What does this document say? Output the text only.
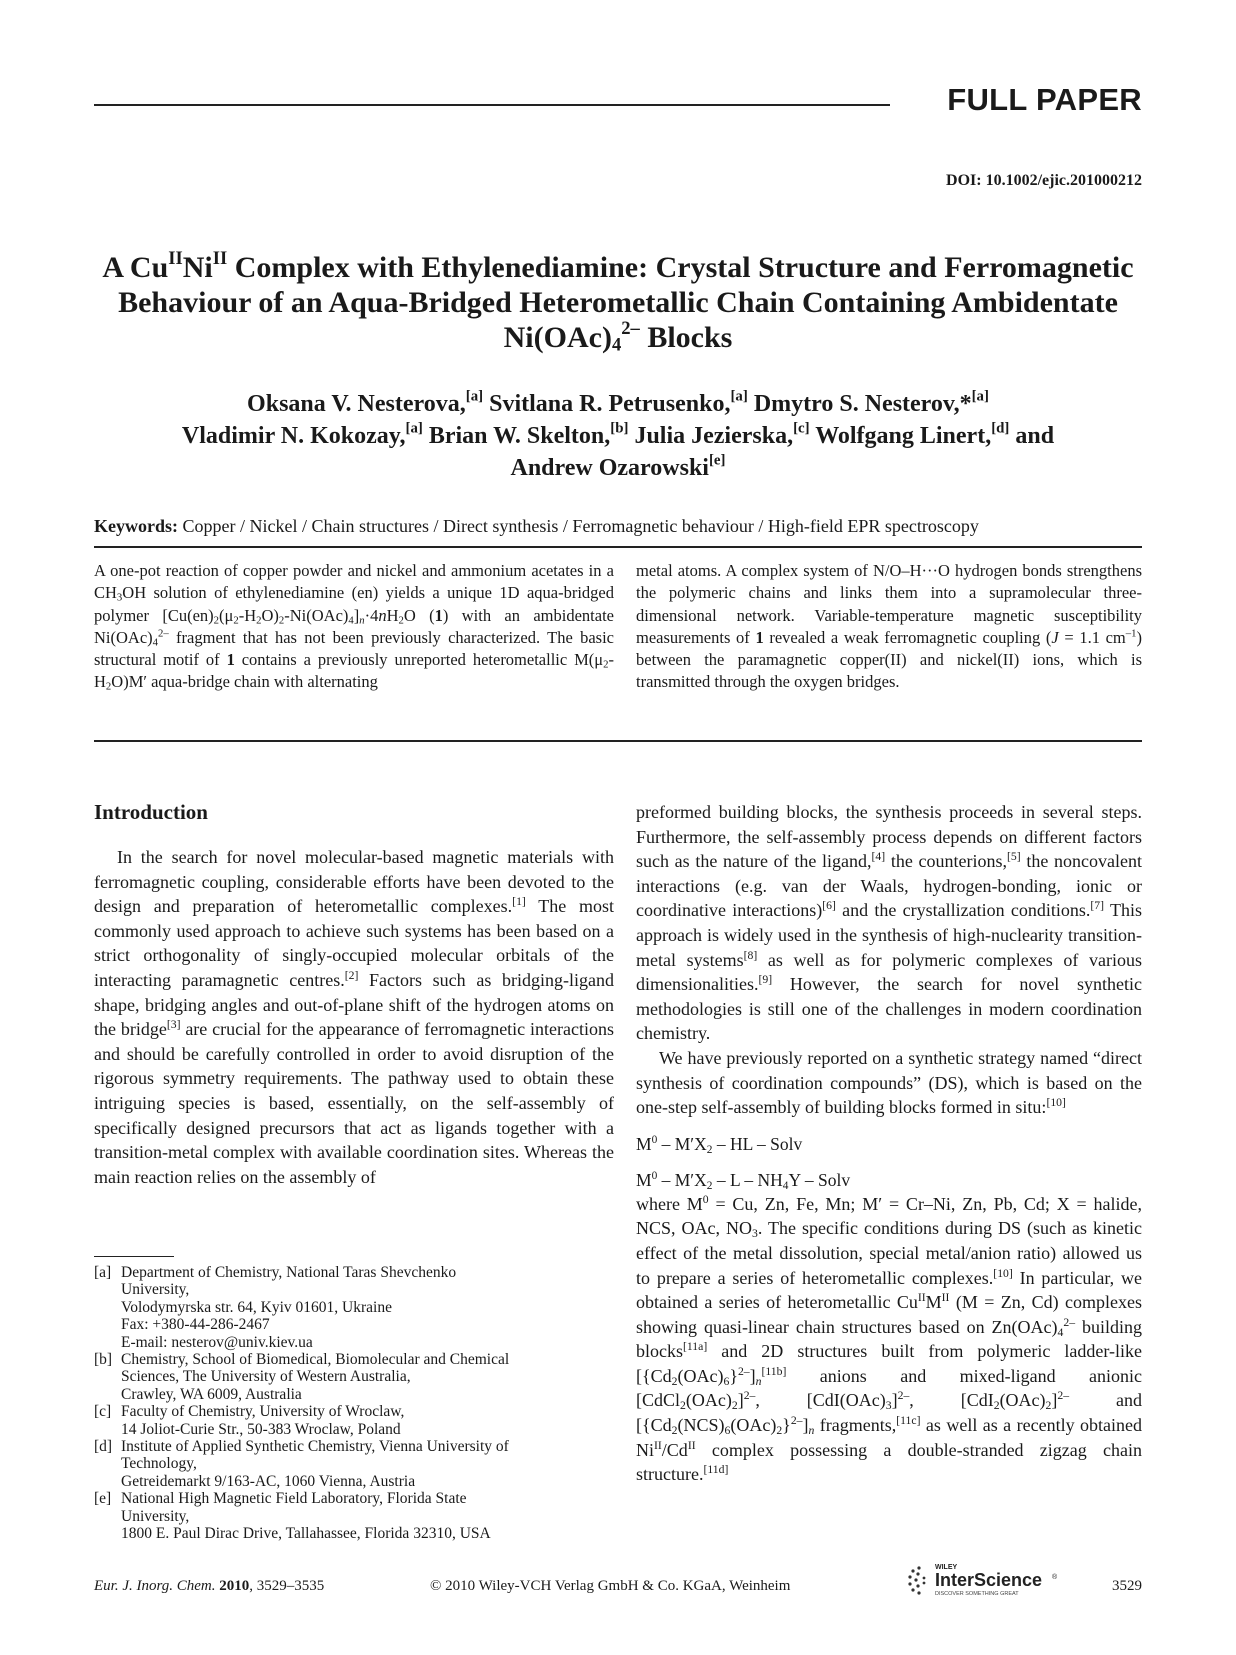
FULL PAPER
DOI: 10.1002/ejic.201000212
A $Cu^{II}Ni^{II}$ Complex with Ethylenediamine: Crystal Structure and Ferromagnetic Behaviour of an Aqua-Bridged Heterometallic Chain Containing Ambidentate $Ni(OAc)_4^{2-}$ Blocks
Oksana V. Nesterova,[a] Svitlana R. Petrusenko,[a] Dmytro S. Nesterov,*[a]
Vladimir N. Kokozay,[a] Brian W. Skelton,[b] Julia Jezierska,[c] Wolfgang Linert,[d] and
Andrew Ozarowski[e]
Keywords: Copper / Nickel / Chain structures / Direct synthesis / Ferromagnetic behaviour / High-field EPR spectroscopy
A one-pot reaction of copper powder and nickel and ammonium acetates in a $CH_3OH$ solution of ethylenediamine (en) yields a unique 1D aqua-bridged polymer $[Cu(en)_2(\mu_2-H_2O)_2-Ni(OAc)_4]_n\cdot 4nH_2O$ (1) with an ambidentate $Ni(OAc)_4^{2-}$ fragment that has not been previously characterized. The basic structural motif of 1 contains a previously unreported heterometallic $M(\mu_2-H_2O)M'$ aqua-bridge chain with alternating
metal atoms. A complex system of N/O–H···O hydrogen bonds strengthens the polymeric chains and links them into a supramolecular three-dimensional network. Variable-temperature magnetic susceptibility measurements of 1 revealed a weak ferromagnetic coupling (J = 1.1 $cm^{-1}$) between the paramagnetic copper(II) and nickel(II) ions, which is transmitted through the oxygen bridges.
Introduction

In the search for novel molecular-based magnetic materials with ferromagnetic coupling, considerable efforts have been devoted to the design and preparation of heterometallic complexes.[1] The most commonly used approach to achieve such systems has been based on a strict orthogonality of singly-occupied molecular orbitals of the interacting paramagnetic centres.[2] Factors such as bridging-ligand shape, bridging angles and out-of-plane shift of the hydrogen atoms on the bridge[3] are crucial for the appearance of ferromagnetic interactions and should be carefully controlled in order to avoid disruption of the rigorous symmetry requirements. The pathway used to obtain these intriguing species is based, essentially, on the self-assembly of specifically designed precursors that act as ligands together with a transition-metal complex with available coordination sites. Whereas the main reaction relies on the assembly of

[a] Department of Chemistry, National Taras Shevchenko
University,
Volodymyrska str. 64, Kyiv 01601, Ukraine
Fax: +380-44-286-2467
E-mail: nesterov@univ.kiev.ua
[b] Chemistry, School of Biomedical, Biomolecular and Chemical
Sciences, The University of Western Australia,
Crawley, WA 6009, Australia
[c] Faculty of Chemistry, University of Wroclaw,
14 Joliot-Curie Str., 50-383 Wroclaw, Poland
[d] Institute of Applied Synthetic Chemistry, Vienna University of
Technology,
Getreidemarkt 9/163-AC, 1060 Vienna, Austria
[e] National High Magnetic Field Laboratory, Florida State
University,
1800 E. Paul Dirac Drive, Tallahassee, Florida 32310, USA

preformed building blocks, the synthesis proceeds in several steps. Furthermore, the self-assembly process depends on different factors such as the nature of the ligand,[4] the counterions,[5] the noncovalent interactions (e.g. van der Waals, hydrogen-bonding, ionic or coordinative interactions)[6] and the crystallization conditions.[7] This approach is widely used in the synthesis of high-nuclearity transition-metal systems[8] as well as for polymeric complexes of various dimensionalities.[9] However, the search for novel synthetic methodologies is still one of the challenges in modern coordination chemistry.

We have previously reported on a synthetic strategy named “direct synthesis of coordination compounds” (DS), which is based on the one-step self-assembly of building blocks formed in situ:[10]

$M^0 - M'X_2$ – HL – Solv

$M^0 - M'X_2$ – L – $NH_4Y$ – Solv

where $M^0 = Cu$, Zn, Fe, Mn; M′ = Cr–Ni, Zn, Pb, Cd; X = halide, NCS, OAc, $NO_3$. The specific conditions during DS (such as kinetic effect of the metal dissolution, special metal/anion ratio) allowed us to prepare a series of heterometallic complexes.[10] In particular, we obtained a series of heterometallic $Cu^{II}M^{II}$ (M = Zn, Cd) complexes showing quasi-linear chain structures based on $Zn(OAc)_4^{2-}$ building blocks[11a] and 2D structures built from polymeric ladder-like $[\{Cd_2(OAc)_6\}^{2-}]_n[11b]$ anions and mixed-ligand anionic $[CdCl_2(OAc)_2]^{2-}$, $[CdI(OAc)_3]^{2-}$, $[CdI_2(OAc)_2]^{2-}$ and $[\{Cd_2(NCS)_6(OAc)_2\}^{2-}]_n$ fragments,[11c] as well as a recently obtained $Ni^{II}/Cd^{II}$ complex possessing a double-stranded zigzag chain structure.[11d]

Eur. J. Inorg. Chem. 2010, 3529–3535	© 2010 Wiley-VCH Verlag GmbH & Co. KGaA, Weinheim
WILEY
InterScience ®
DISCOVER SOMETHING GREAT	3529
